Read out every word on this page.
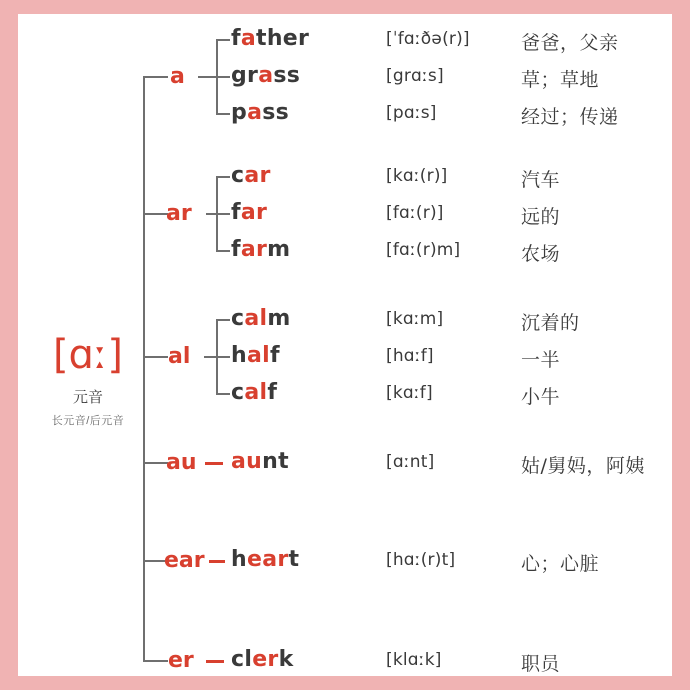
[ɑː]
元音
长元音/后元音
a
father	[ˈfɑːðə(r)]	爸爸，父亲
grass	[grɑːs]	草；草地
pass	[pɑːs]	经过；传递
ar
car	[kɑː(r)]	汽车
far	[fɑː(r)]	远的
farm	[fɑː(r)m]	农场
al
calm	[kɑːm]	沉着的
half	[hɑːf]	一半
calf	[kɑːf]	小牛
au aunt	[ɑːnt]	姑/舅妈，阿姨
ear heart	[hɑː(r)t]	心；心脏
er clerk	[klɑːk]	职员
